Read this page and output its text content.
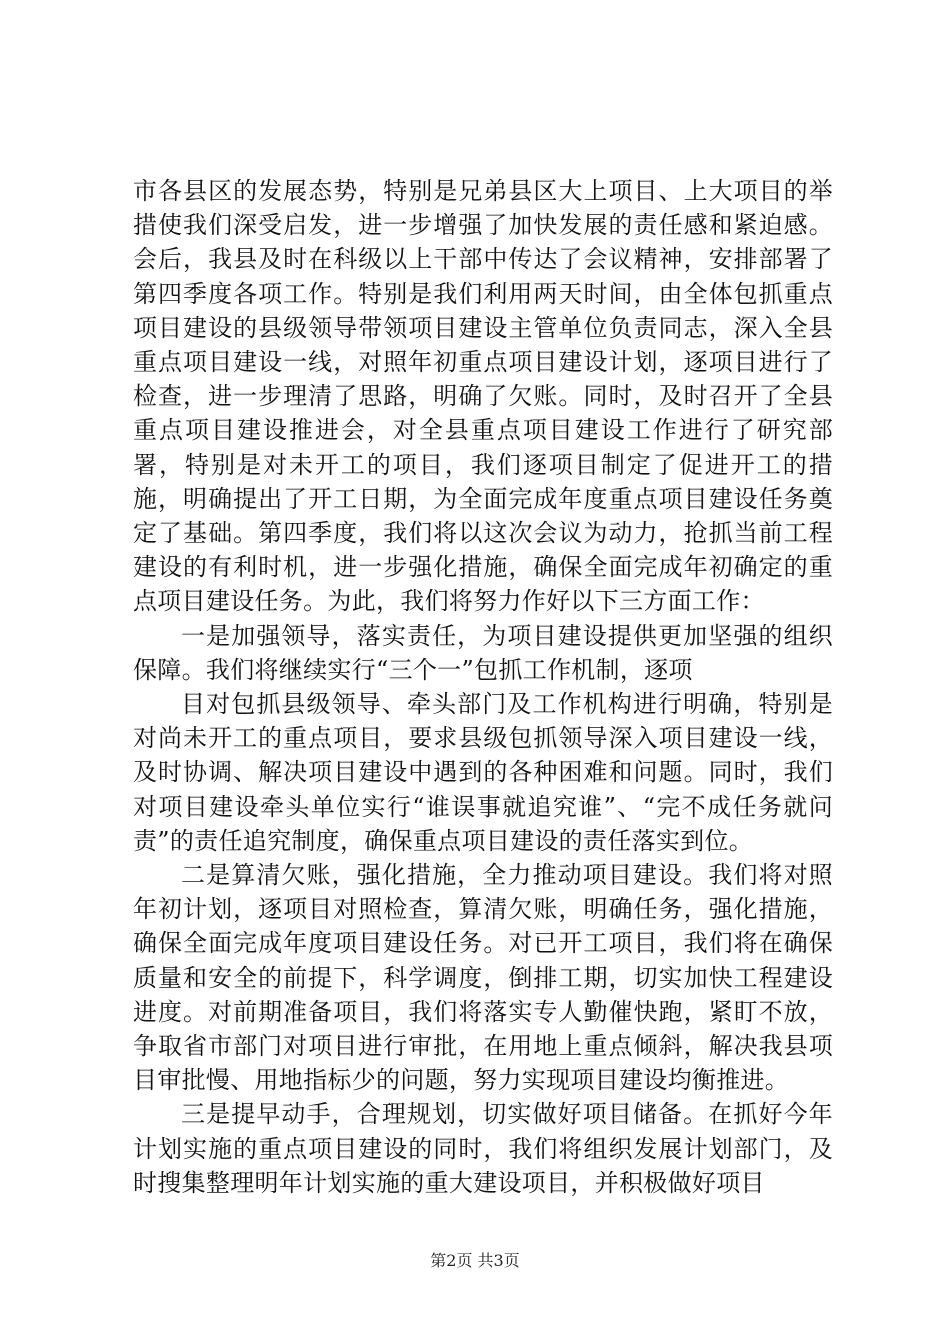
市各县区的发展态势，特别是兄弟县区大上项目、上大项目的举措使我们深受启发，进一步增强了加快发展的责任感和紧迫感。会后，我县及时在科级以上干部中传达了会议精神，安排部署了第四季度各项工作。特别是我们利用两天时间，由全体包抓重点项目建设的县级领导带领项目建设主管单位负责同志，深入全县重点项目建设一线，对照年初重点项目建设计划，逐项目进行了检查，进一步理清了思路，明确了欠账。同时，及时召开了全县重点项目建设推进会，对全县重点项目建设工作进行了研究部署，特别是对未开工的项目，我们逐项目制定了促进开工的措施，明确提出了开工日期，为全面完成年度重点项目建设任务奠定了基础。第四季度，我们将以这次会议为动力，抢抓当前工程建设的有利时机，进一步强化措施，确保全面完成年初确定的重点项目建设任务。为此，我们将努力作好以下三方面工作：

一是加强领导，落实责任，为项目建设提供更加坚强的组织保障。我们将继续实行“三个一”包抓工作机制，逐项

目对包抓县级领导、牵头部门及工作机构进行明确，特别是对尚未开工的重点项目，要求县级包抓领导深入项目建设一线，及时协调、解决项目建设中遇到的各种困难和问题。同时，我们对项目建设牵头单位实行“谁误事就追究谁”、“完不成任务就问责”的责任追究制度，确保重点项目建设的责任落实到位。

二是算清欠账，强化措施，全力推动项目建设。我们将对照年初计划，逐项目对照检查，算清欠账，明确任务，强化措施，确保全面完成年度项目建设任务。对已开工项目，我们将在确保质量和安全的前提下，科学调度，倒排工期，切实加快工程建设进度。对前期准备项目，我们将落实专人勤催快跑，紧盯不放，争取省市部门对项目进行审批，在用地上重点倾斜，解决我县项目审批慢、用地指标少的问题，努力实现项目建设均衡推进。

三是提早动手，合理规划，切实做好项目储备。在抓好今年计划实施的重点项目建设的同时，我们将组织发展计划部门，及时搜集整理明年计划实施的重大建设项目，并积极做好项目

第2页 共3页
